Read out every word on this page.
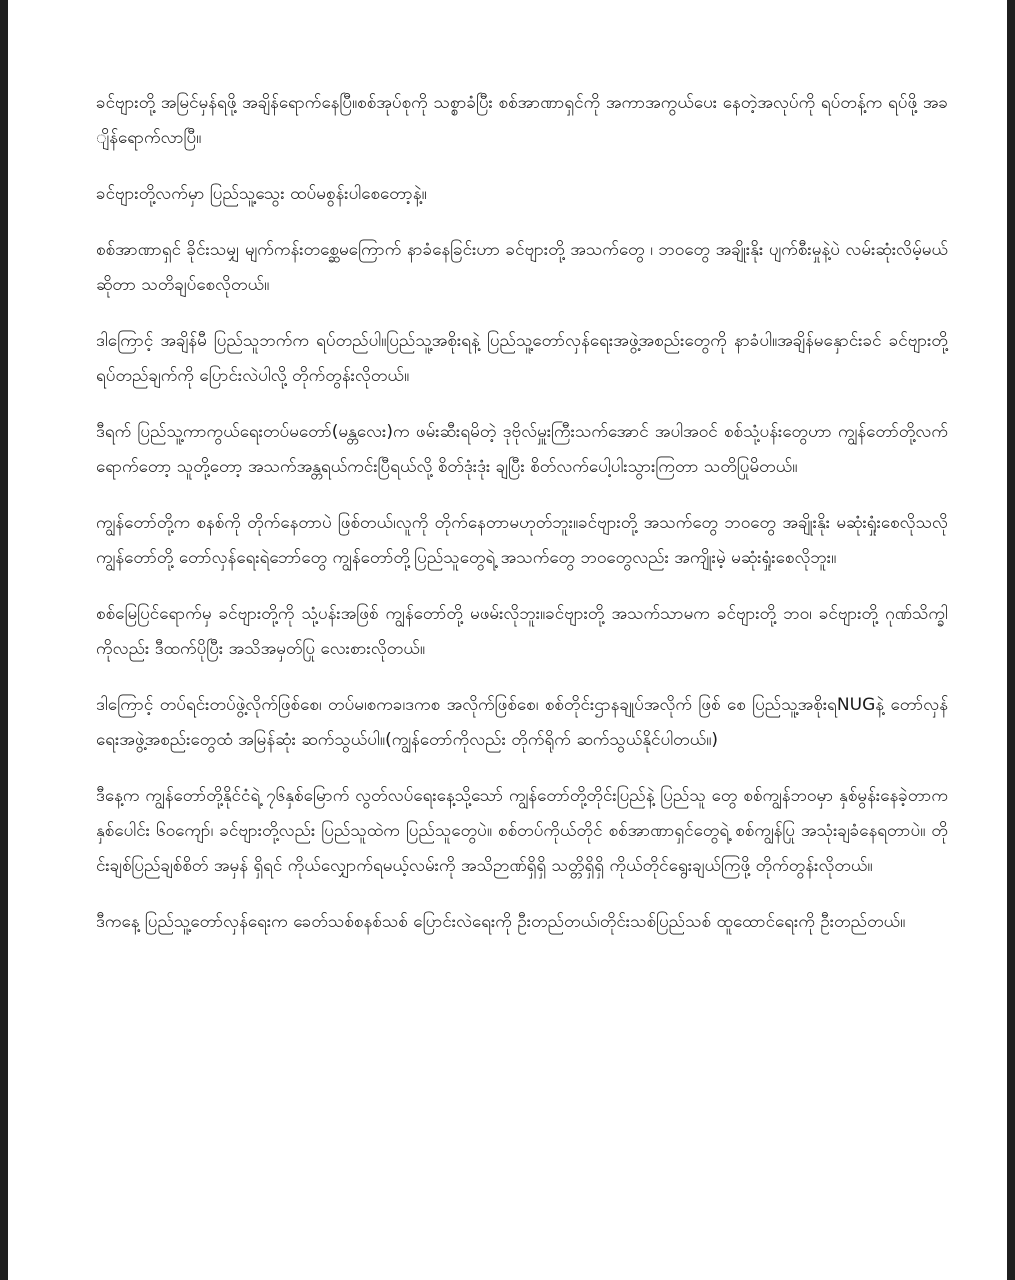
ခင်ဗျားတို့ အမြင်မှန်ရဖို့ အချိန်ရောက်နေပြီ။စစ်အုပ်စုကို သစ္စာခံပြီး စစ်အာဏာရှင်ကို အကာအကွယ်ပေး နေတဲ့အလုပ်ကို ရပ်တန့်က ရပ်ဖို့ အချိန်ရောက်လာပြီ။

ခင်ဗျားတို့လက်မှာ ပြည်သူ့သွေး ထပ်မစွန်းပါစေတော့နဲ့။

စစ်အာဏာရှင် ခိုင်းသမျှ မျက်ကန်းတစ္ဆေမကြောက် နာခံနေခြင်းဟာ ခင်ဗျားတို့ အသက်တွေ ၊ ဘဝတွေ အချိုးနိုး ပျက်စီးမှုနဲ့ပဲ လမ်းဆုံးလိမ့်မယ်ဆိုတာ သတိချပ်စေလိုတယ်။

ဒါကြောင့် အချိန်မီ ပြည်သူဘက်က ရပ်တည်ပါ။ပြည်သူ့အစိုးရနဲ့ ပြည်သူ့တော်လှန်ရေးအဖွဲ့အစည်းတွေကို နာခံပါ။အချိန်မနှောင်းခင် ခင်ဗျားတို့ ရပ်တည်ချက်ကို ပြောင်းလဲပါလို့ တိုက်တွန်းလိုတယ်။

ဒီရက် ပြည်သူ့ကာကွယ်ရေးတပ်မတော်(မန္တလေး)က ဖမ်းဆီးရမိတဲ့ ဒုဗိုလ်မှူးကြီးသက်အောင် အပါအဝင် စစ်သုံ့ပန်းတွေဟာ ကျွန်တော်တို့လက်ရောက်တော့ သူတို့တော့ အသက်အန္တရယ်ကင်းပြီရယ်လို့ စိတ်ဒုံးဒုံး ချပြီး စိတ်လက်ပေါ့ပါးသွားကြတာ သတိပြုမိတယ်။

ကျွန်တော်တို့က စနစ်ကို တိုက်နေတာပဲ ဖြစ်တယ်၊လူကို တိုက်နေတာမဟုတ်ဘူး။ခင်ဗျားတို့ အသက်တွေ ဘဝတွေ အချိုးနိုး မဆုံးရှုံးစေလိုသလို ကျွန်တော်တို့ တော်လှန်ရေးရဲဘော်တွေ ကျွန်တော်တို့ပြည်သူတွေရဲ့ အသက်တွေ ဘဝတွေလည်း အကျိုးမဲ့ မဆုံးရှုံးစေလိုဘူး။

စစ်မြေပြင်ရောက်မှ ခင်ဗျားတို့ကို သုံ့ပန်းအဖြစ် ကျွန်တော်တို့ မဖမ်းလိုဘူး။ခင်ဗျားတို့ အသက်သာမက ခင်ဗျားတို့ ဘဝ၊ ခင်ဗျားတို့ ဂုဏ်သိက္ခါကိုလည်း ဒီထက်ပိုပြီး အသိအမှတ်ပြု လေးစားလိုတယ်။

ဒါကြောင့် တပ်ရင်းတပ်ဖွဲ့လိုက်ဖြစ်စေ၊ တပ်မ၊စကခ၊ဒကစ အလိုက်ဖြစ်စေ၊ စစ်တိုင်းဌာနချုပ်အလိုက် ဖြစ် စေ ပြည်သူ့အစိုးရNUGနဲ့ တော်လှန်ရေးအဖွဲ့အစည်းတွေထံ အမြန်ဆုံး ဆက်သွယ်ပါ။(ကျွန်တော်ကိုလည်း တိုက်ရိုက် ဆက်သွယ်နိုင်ပါတယ်။)

ဒီနေ့က ကျွန်တော်တို့နိုင်ငံရဲ့ ၇၆နှစ်မြောက် လွတ်လပ်ရေးနေ့သို့သော် ကျွန်တော်တို့တိုင်းပြည်နဲ့ ပြည်သူ တွေ စစ်ကျွန်ဘဝမှာ နှစ်မွန်းနေခဲ့တာက နှစ်ပေါင်း ၆၀ကျော်၊ ခင်ဗျားတို့လည်း ပြည်သူထဲက ပြည်သူတွေပဲ။ စစ်တပ်ကိုယ်တိုင် စစ်အာဏာရှင်တွေရဲ့ စစ်ကျွန်ပြု အသုံးချခံနေရတာပဲ။ တိုင်းချစ်ပြည်ချစ်စိတ် အမှန် ရှိရင် ကိုယ်လျှောက်ရမယ့်လမ်းကို အသိဉာဏ်ရှိရှိ သတ္တိရှိရှိ ကိုယ်တိုင်ရွေးချယ်ကြဖို့ တိုက်တွန်းလိုတယ်။

ဒီကနေ့ ပြည်သူ့တော်လှန်ရေးက ခေတ်သစ်စနစ်သစ် ပြောင်းလဲရေးကို ဦးတည်တယ်၊တိုင်းသစ်ပြည်သစ် ထူထောင်ရေးကို ဦးတည်တယ်။
